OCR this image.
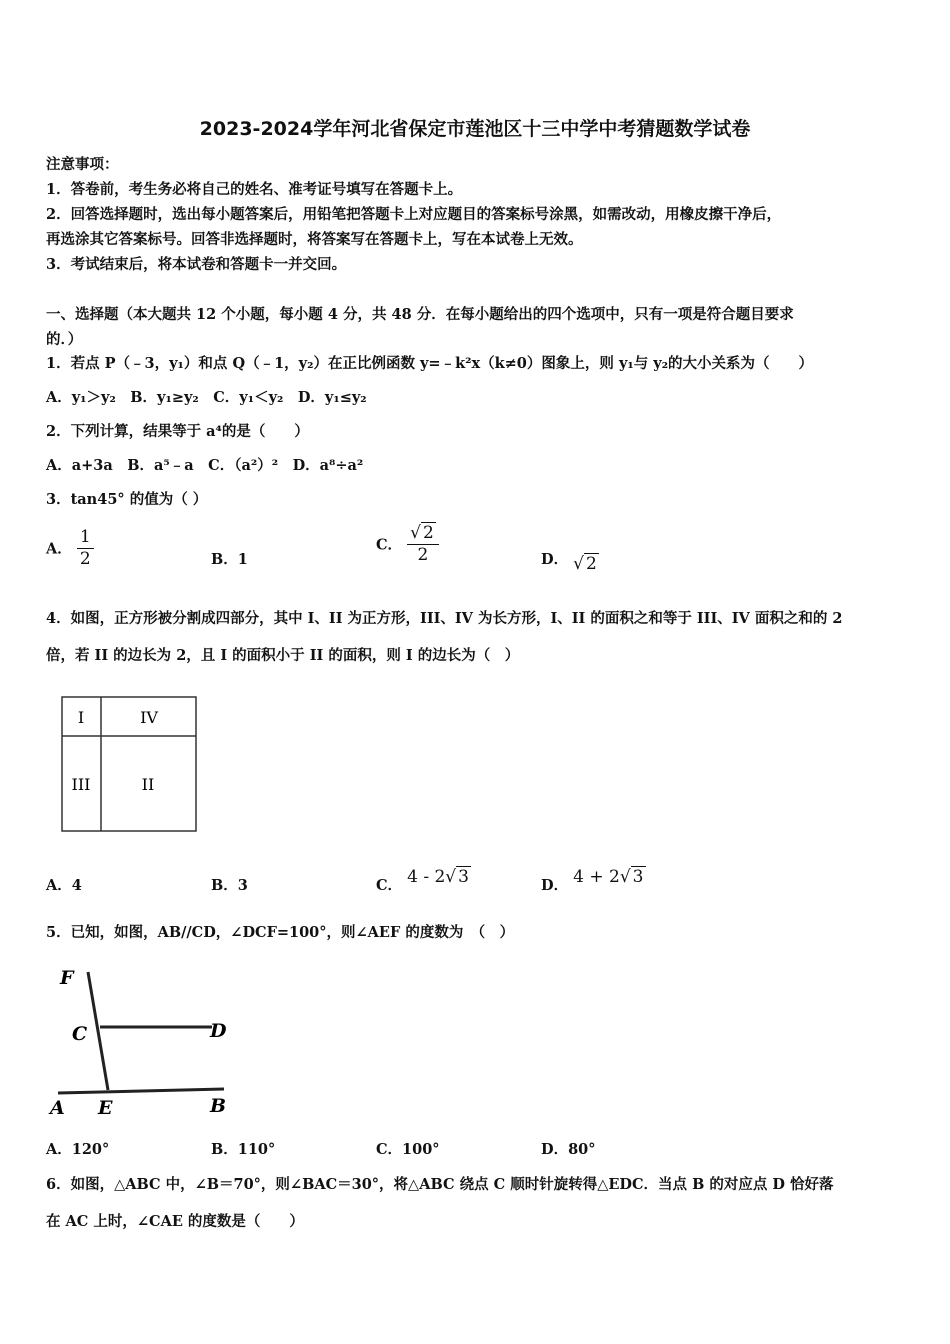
2023-2024学年河北省保定市莲池区十三中学中考猜题数学试卷
注意事项：
1．答卷前，考生务必将自己的姓名、准考证号填写在答题卡上。
2．回答选择题时，选出每小题答案后，用铅笔把答题卡上对应题目的答案标号涂黑，如需改动，用橡皮擦干净后，
再选涂其它答案标号。回答非选择题时，将答案写在答题卡上，写在本试卷上无效。
3．考试结束后，将本试卷和答题卡一并交回。
一、选择题（本大题共 12 个小题，每小题 4 分，共 48 分．在每小题给出的四个选项中，只有一项是符合题目要求
的．）
1．若点 P（﹣3，y₁）和点 Q（﹣1，y₂）在正比例函数 y=﹣k²x（k≠0）图象上，则 y₁与 y₂的大小关系为（　　）
A．y₁＞y₂　B．y₁≥y₂　C．y₁＜y₂　D．y₁≤y₂
2．下列计算，结果等于 a⁴的是（　　）
A．a+3a　B．a⁵﹣a　C．（a²）²　D．a⁸÷a²
3．tan45° 的值为（ ）
A． $\frac{1}{2}$	B．1
C． $\frac{√ 2}{2}$	D． √ 2
4．如图，正方形被分割成四部分，其中 I、II 为正方形，III、IV 为长方形，I、II 的面积之和等于 III、IV 面积之和的 2
倍，若 II 的边长为 2，且 I 的面积小于 II 的面积，则 I 的边长为（　）
I	IV
III	II
A．4	B．3	C． 4 - 2√ 3	D． 4 + 2√ 3
5．已知，如图，AB//CD，∠DCF=100°，则∠AEF 的度数为　（　）
F
C	D
A E	B
A．120°	B．110°	C．100°	D．80°
6．如图，△ABC 中，∠B＝70°，则∠BAC＝30°，将△ABC 绕点 C 顺时针旋转得△EDC．当点 B 的对应点 D 恰好落
在 AC 上时，∠CAE 的度数是（　　）
